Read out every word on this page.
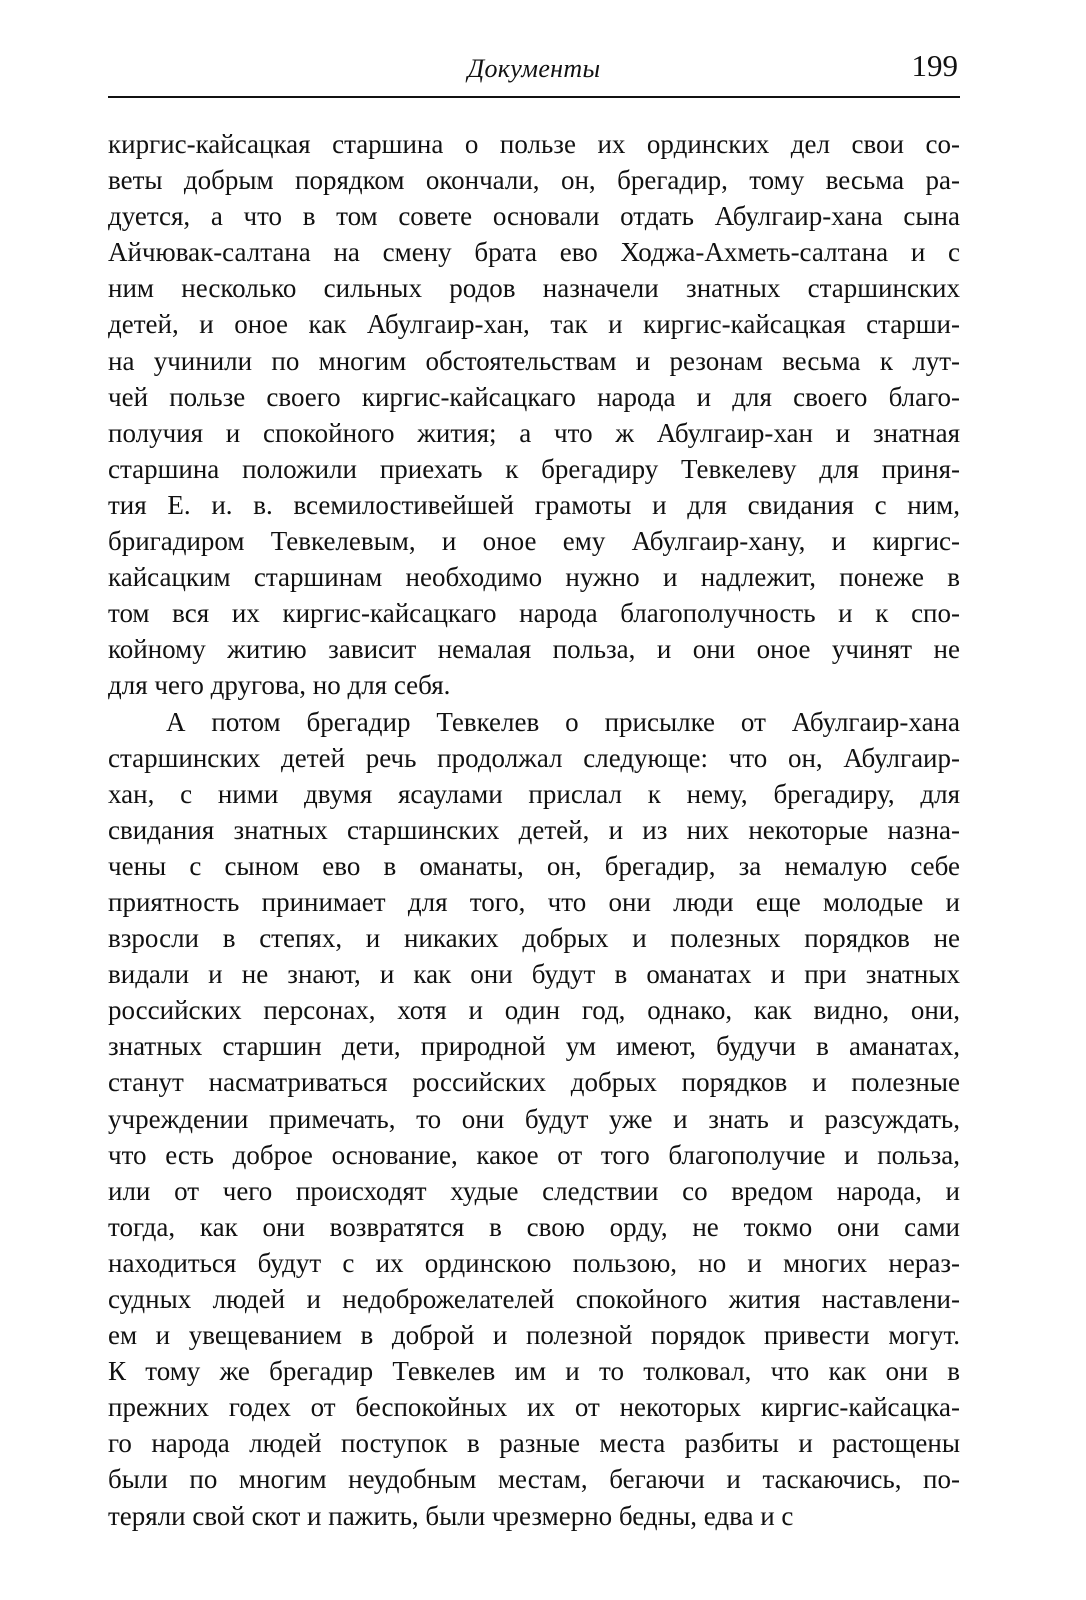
Документы	199
киргис-кайсацкая старшина о пользе их ординских дел свои со-
веты добрым порядком окончали, он, брегадир, тому весьма ра-
дуется, а что в том совете основали отдать Абулгаир-хана сына
Айчювак-салтана на смену брата ево Ходжа-Ахметь-салтана и с
ним несколько сильных родов назначели знатных старшинских
детей, и оное как Абулгаир-хан, так и киргис-кайсацкая старши-
на учинили по многим обстоятельствам и резонам весьма к лут-
чей пользе своего киргис-кайсацкаго народа и для своего благо-
получия и спокойного жития; а что ж Абулгаир-хан и знатная
старшина положили приехать к брегадиру Тевкелеву для приня-
тия Е. и. в. всемилостивейшей грамоты и для свидания с ним,
бригадиром Тевкелевым, и оное ему Абулгаир-хану, и киргис-
кайсацким старшинам необходимо нужно и надлежит, понеже в
том вся их киргис-кайсацкаго народа благополучность и к спо-
койному житию зависит немалая польза, и они оное учинят не
для чего другова, но для себя.
А потом брегадир Тевкелев о присылке от Абулгаир-хана
старшинских детей речь продолжал следующе: что он, Абулгаир-
хан, с ними двумя ясаулами прислал к нему, брегадиру, для
свидания знатных старшинских детей, и из них некоторые назна-
чены с сыном ево в оманаты, он, брегадир, за немалую себе
приятность принимает для того, что они люди еще молодые и
взросли в степях, и никаких добрых и полезных порядков не
видали и не знают, и как они будут в оманатах и при знатных
российских персонах, хотя и один год, однако, как видно, они,
знатных старшин дети, природной ум имеют, будучи в аманатах,
станут насматриваться российских добрых порядков и полезные
учреждении примечать, то они будут уже и знать и разсуждать,
что есть доброе основание, какое от того благополучие и польза,
или от чего происходят худые следствии со вредом народа, и
тогда, как они возвратятся в свою орду, не токмо они сами
находиться будут с их ординскою пользою, но и многих нераз-
судных людей и недоброжелателей спокойного жития наставлени-
ем и увещеванием в доброй и полезной порядок привести могут.
К тому же брегадир Тевкелев им и то толковал, что как они в
прежних годех от беспокойных их от некоторых киргис-кайсацка-
го народа людей поступок в разные места разбиты и растощены
были по многим неудобным местам, бегаючи и таскаючись, по-
теряли свой скот и пажить, были чрезмерно бедны, едва и с
